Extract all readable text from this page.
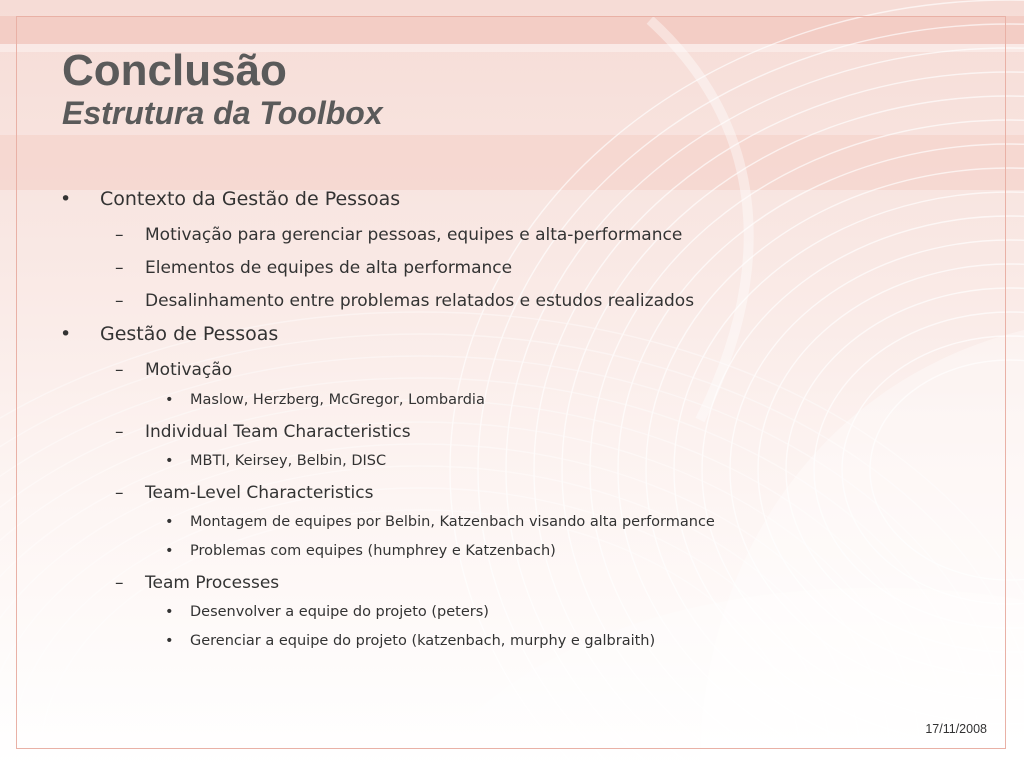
Conclusão
Estrutura da Toolbox
• Contexto da Gestão de Pessoas
– Motivação para gerenciar pessoas, equipes e alta-performance
– Elementos de equipes de alta performance
– Desalinhamento entre problemas relatados e estudos realizados
• Gestão de Pessoas
– Motivação
• Maslow, Herzberg, McGregor, Lombardia
– Individual Team Characteristics
• MBTI, Keirsey, Belbin, DISC
– Team-Level Characteristics
• Montagem de equipes por Belbin, Katzenbach visando alta performance
• Problemas com equipes (humphrey e Katzenbach)
– Team Processes
• Desenvolver a equipe do projeto (peters)
• Gerenciar a equipe do projeto (katzenbach, murphy e galbraith)
17/11/2008
